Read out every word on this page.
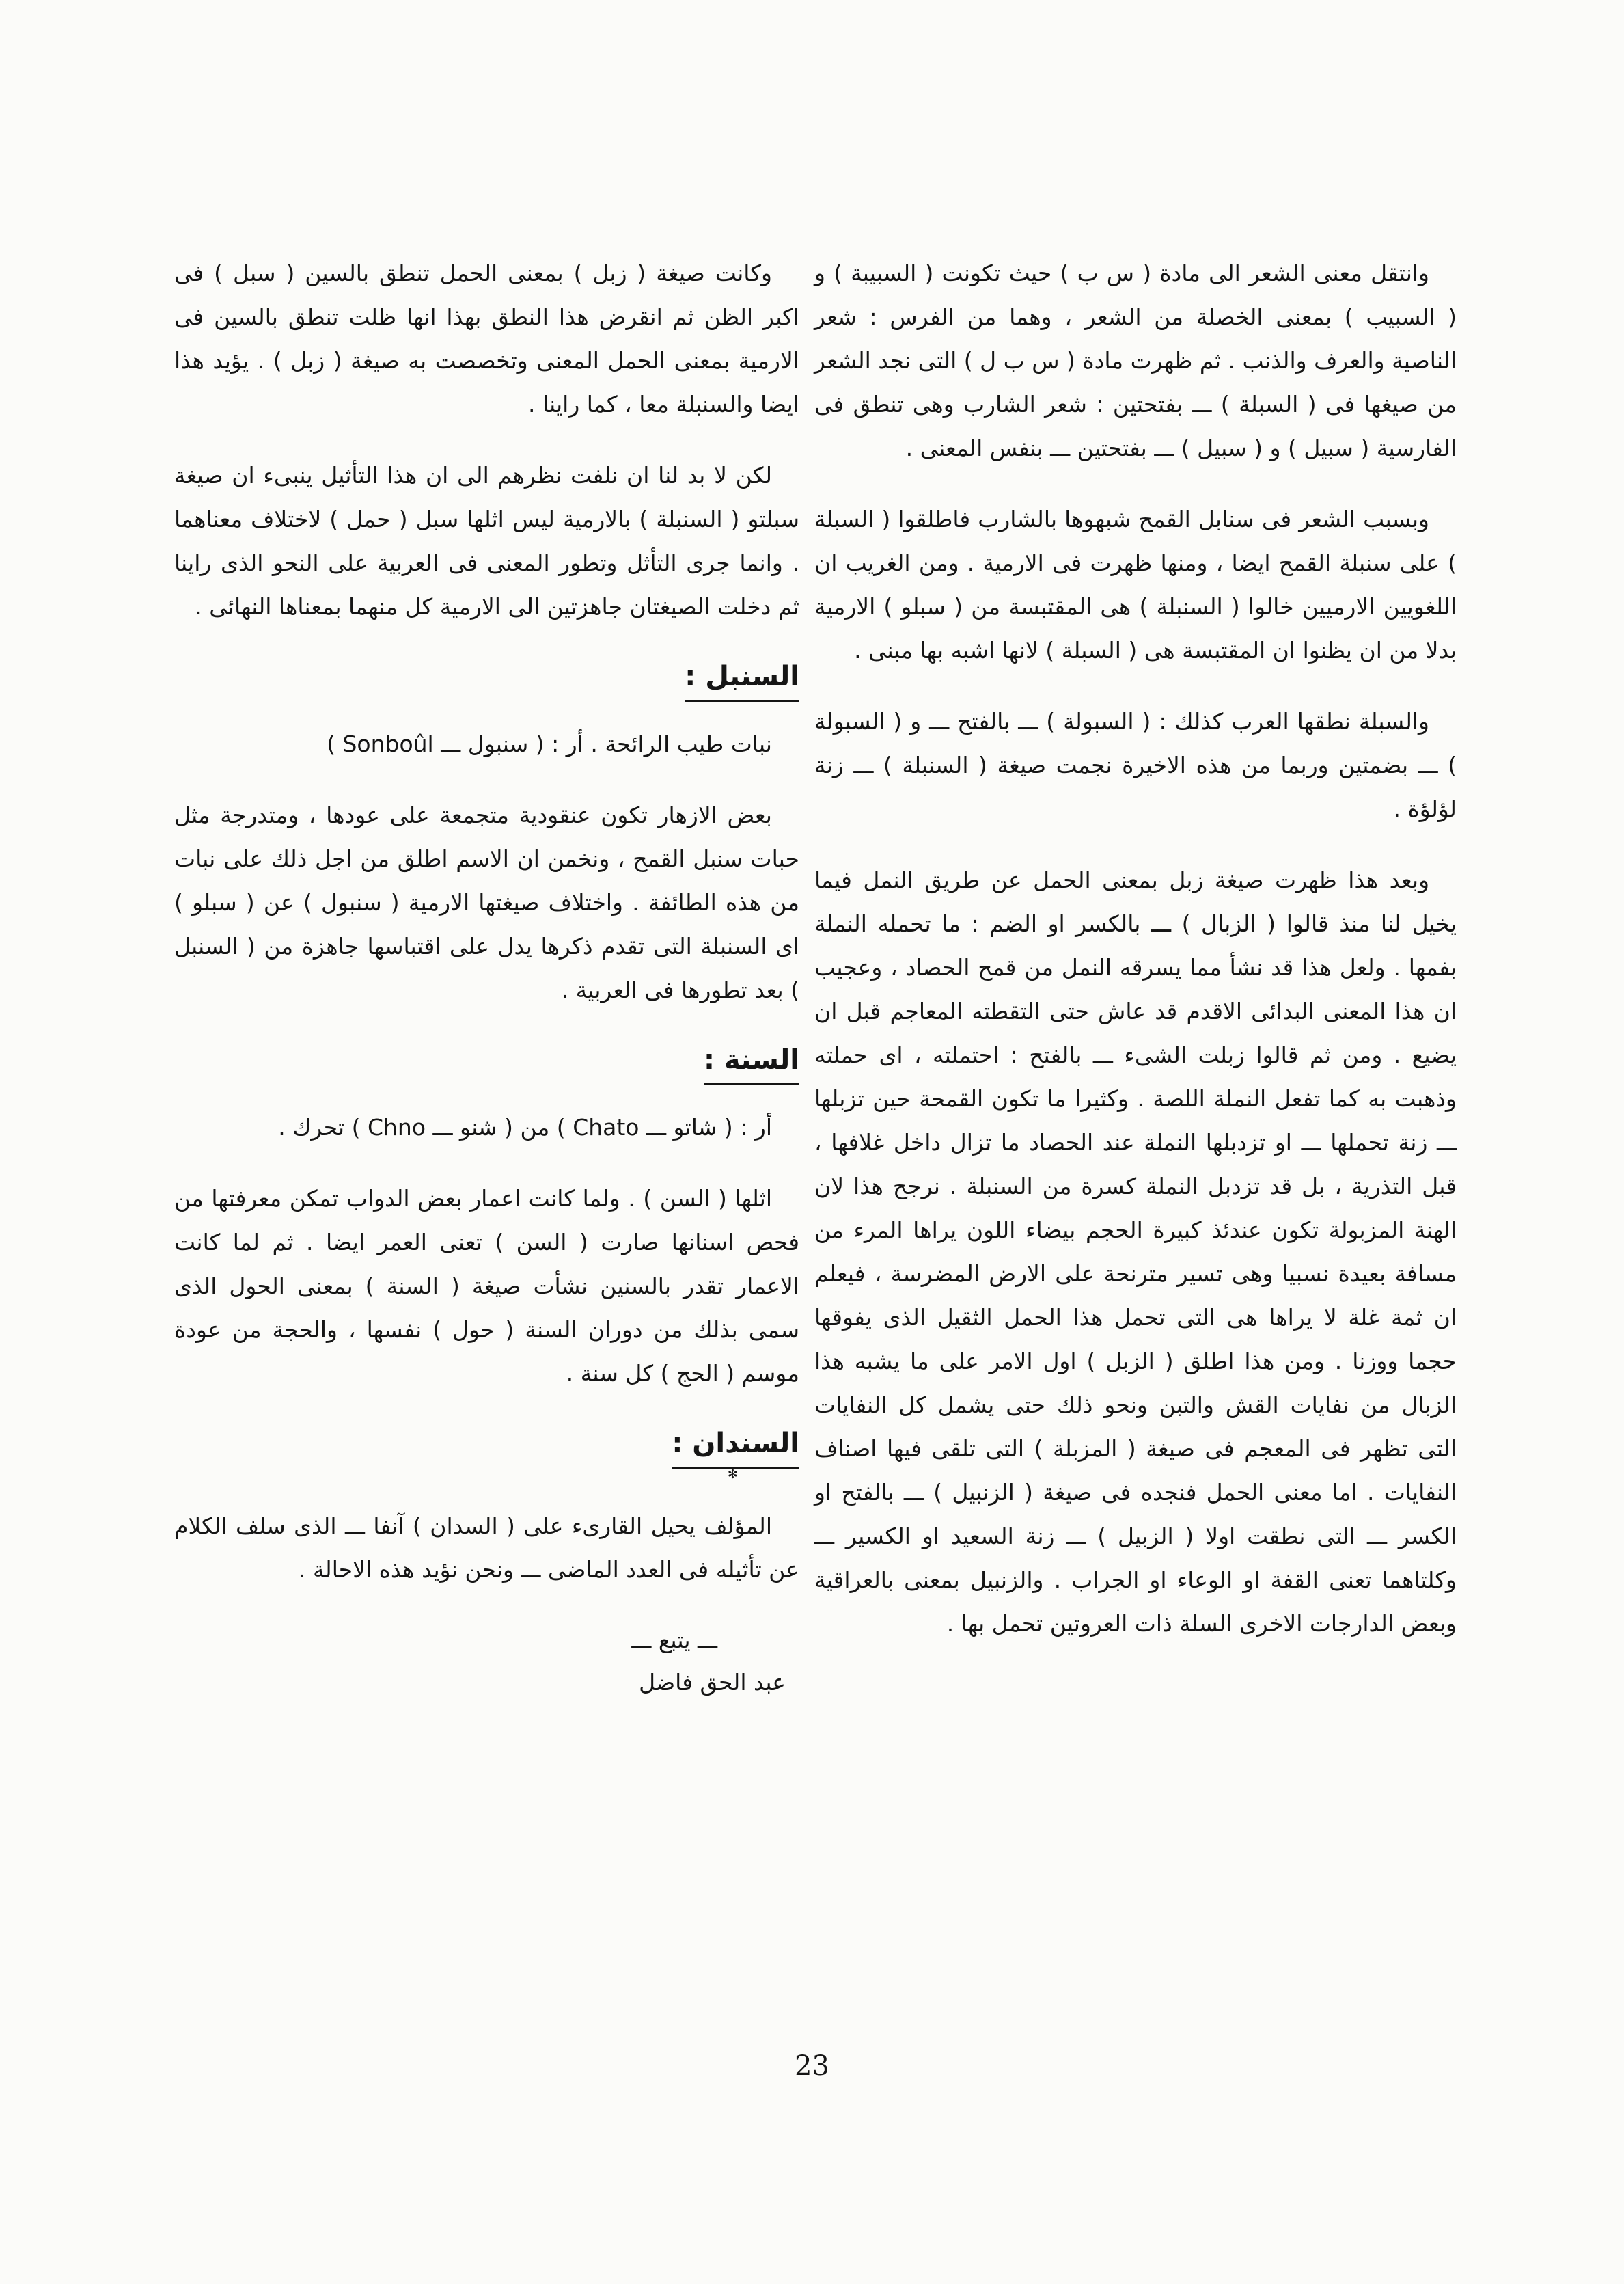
وانتقل معنى الشعر الى مادة ( س ب ) حيث تكونت ( السبيبة ) و ( السبيب ) بمعنى الخصلة من الشعر ، وهما من الفرس : شعر الناصية والعرف والذنب . ثم ظهرت مادة ( س ب ل ) التى نجد الشعر من صيغها فى ( السبلة ) ـــ بفتحتين : شعر الشارب وهى تنطق فى الفارسية ( سبيل ) و ( سبيل ) ـــ بفتحتين ـــ بنفس المعنى .

وبسبب الشعر فى سنابل القمح شبهوها بالشارب فاطلقوا ( السبلة ) على سنبلة القمح ايضا ، ومنها ظهرت فى الارمية . ومن الغريب ان اللغويين الارميين خالوا ( السنبلة ) هى المقتبسة من ( سبلو ) الارمية بدلا من ان يظنوا ان المقتبسة هى ( السبلة ) لانها اشبه بها مبنى .

والسبلة نطقها العرب كذلك : ( السبولة ) ـــ بالفتح ـــ و ( السبولة ) ـــ بضمتين وربما من هذه الاخيرة نجمت صيغة ( السنبلة ) ـــ زنة لؤلؤة .

وبعد هذا ظهرت صيغة زبل بمعنى الحمل عن طريق النمل فيما يخيل لنا منذ قالوا ( الزبال ) ـــ بالكسر او الضم : ما تحمله النملة بفمها . ولعل هذا قد نشأ مما يسرقه النمل من قمح الحصاد ، وعجيب ان هذا المعنى البدائى الاقدم قد عاش حتى التقطته المعاجم قبل ان يضيع . ومن ثم قالوا زبلت الشىء ـــ بالفتح : احتملته ، اى حملته وذهبت به كما تفعل النملة اللصة . وكثيرا ما تكون القمحة حين تزبلها ـــ زنة تحملها ـــ او تزدبلها النملة عند الحصاد ما تزال داخل غلافها ، قبل التذرية ، بل قد تزدبل النملة كسرة من السنبلة . نرجح هذا لان الهنة المزبولة تكون عندئذ كبيرة الحجم بيضاء اللون يراها المرء من مسافة بعيدة نسبيا وهى تسير مترنحة على الارض المضرسة ، فيعلم ان ثمة غلة لا يراها هى التى تحمل هذا الحمل الثقيل الذى يفوقها حجما ووزنا . ومن هذا اطلق ( الزبل ) اول الامر على ما يشبه هذا الزبال من نفايات القش والتبن ونحو ذلك حتى يشمل كل النفايات التى تظهر فى المعجم فى صيغة ( المزبلة ) التى تلقى فيها اصناف النفايات . اما معنى الحمل فنجده فى صيغة ( الزنبيل ) ـــ بالفتح او الكسر ـــ التى نطقت اولا ( الزبيل ) ـــ زنة السعيد او الكسير ـــ وكلتاهما تعنى القفة او الوعاء او الجراب . والزنبيل بمعنى بالعراقية وبعض الدارجات الاخرى السلة ذات العروتين تحمل بها .

وكانت صيغة ( زبل ) بمعنى الحمل تنطق بالسين ( سبل ) فى اكبر الظن ثم انقرض هذا النطق بهذا انها ظلت تنطق بالسين فى الارمية بمعنى الحمل المعنى وتخصصت به صيغة ( زبل ) . يؤيد هذا ايضا والسنبلة معا ، كما راينا .

لكن لا بد لنا ان نلفت نظرهم الى ان هذا التأثيل ينبىء ان صيغة سبلتو ( السنبلة ) بالارمية ليس اثلها سبل ( حمل ) لاختلاف معناهما . وانما جرى التأثل وتطور المعنى فى العربية على النحو الذى راينا ثم دخلت الصيغتان جاهزتين الى الارمية كل منهما بمعناها النهائى .

السنبل :

نبات طيب الرائحة . أر : ( سنبول ـــ Sonboûl )

بعض الازهار تكون عنقودية متجمعة على عودها ، ومتدرجة مثل حبات سنبل القمح ، ونخمن ان الاسم اطلق من اجل ذلك على نبات من هذه الطائفة . واختلاف صيغتها الارمية ( سنبول ) عن ( سبلو ) اى السنبلة التى تقدم ذكرها يدل على اقتباسها جاهزة من ( السنبل ) بعد تطورها فى العربية .

السنة :

أر : ( شاتو ـــ Chato ) من ( شنو ـــ Chno ) تحرك .

اثلها ( السن ) . ولما كانت اعمار بعض الدواب تمكن معرفتها من فحص اسنانها صارت ( السن ) تعنى العمر ايضا . ثم لما كانت الاعمار تقدر بالسنين نشأت صيغة ( السنة ) بمعنى الحول الذى سمى بذلك من دوران السنة ( حول ) نفسها ، والحجة من عودة موسم ( الحج ) كل سنة .

السندان :
✻

المؤلف يحيل القارىء على ( السدان ) آنفا ـــ الذى سلف الكلام عن تأثيله فى العدد الماضى ـــ ونحن نؤيد هذه الاحالة .

ـــ يتبع ـــ
عبد الحق فاضل
23
